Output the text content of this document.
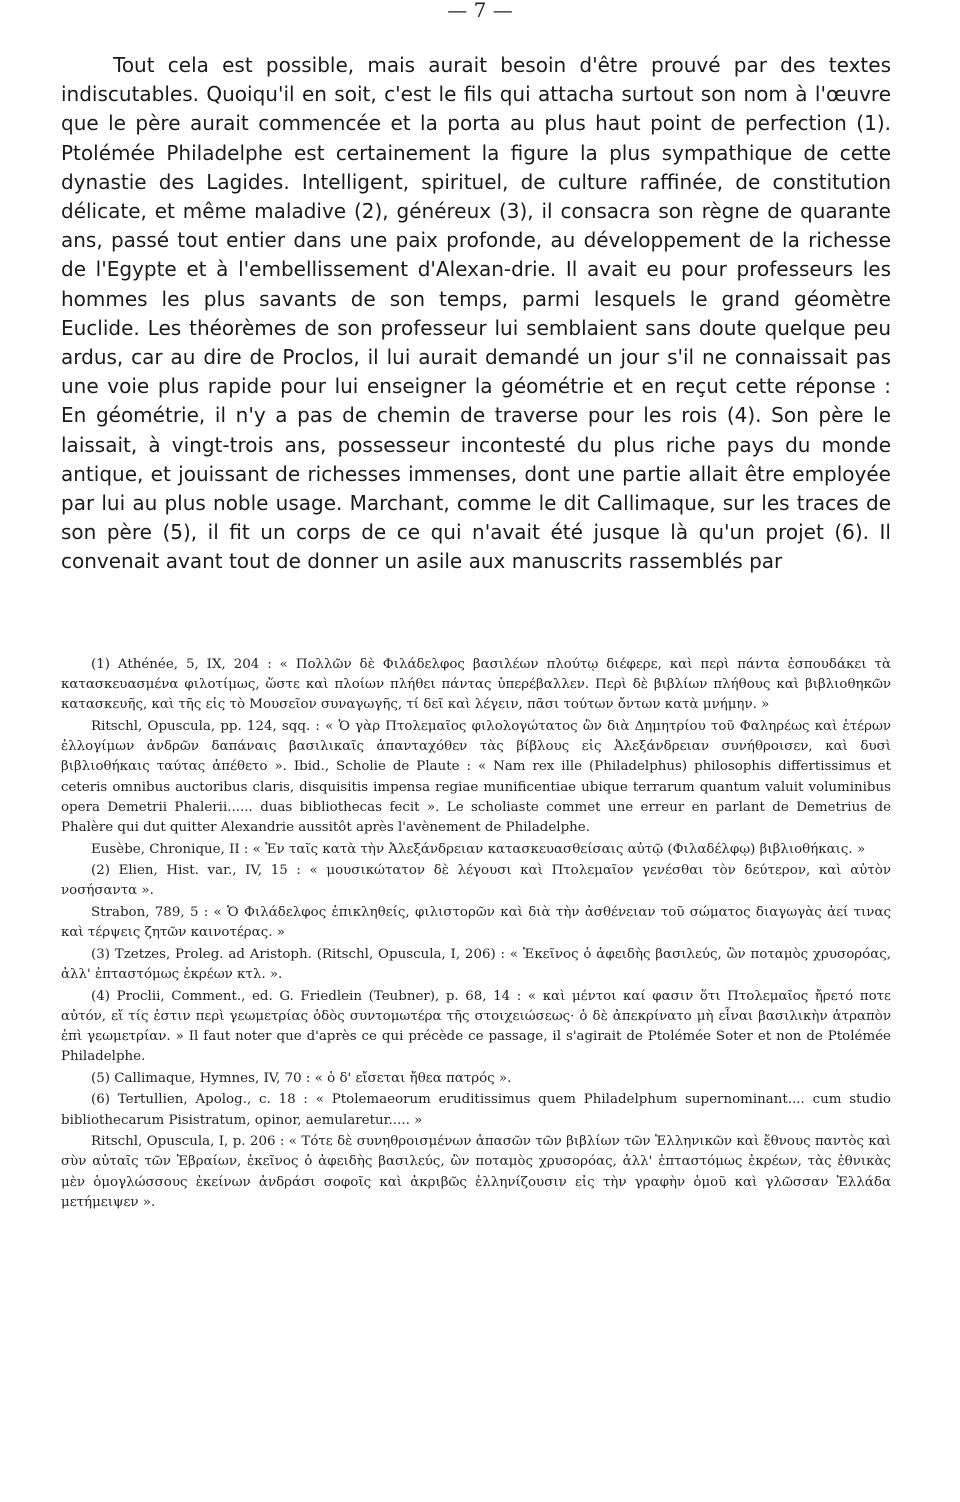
— 7 —

Tout cela est possible, mais aurait besoin d'être prouvé par des textes indiscutables. Quoiqu'il en soit, c'est le fils qui attacha surtout son nom à l'œuvre que le père aurait commencée et la porta au plus haut point de perfection (1). Ptolémée Philadelphe est certainement la figure la plus sympathique de cette dynastie des Lagides. Intelligent, spirituel, de culture raffinée, de constitution délicate, et même maladive (2), généreux (3), il consacra son règne de quarante ans, passé tout entier dans une paix profonde, au développement de la richesse de l'Egypte et à l'embellissement d'Alexan-drie. Il avait eu pour professeurs les hommes les plus savants de son temps, parmi lesquels le grand géomètre Euclide. Les théorèmes de son professeur lui semblaient sans doute quelque peu ardus, car au dire de Proclos, il lui aurait demandé un jour s'il ne connaissait pas une voie plus rapide pour lui enseigner la géométrie et en reçut cette réponse : En géométrie, il n'y a pas de chemin de traverse pour les rois (4). Son père le laissait, à vingt-trois ans, possesseur incontesté du plus riche pays du monde antique, et jouissant de richesses immenses, dont une partie allait être employée par lui au plus noble usage. Marchant, comme le dit Callimaque, sur les traces de son père (5), il fit un corps de ce qui n'avait été jusque là qu'un projet (6). Il convenait avant tout de donner un asile aux manuscrits rassemblés par

(1) Athénée, 5, IX, 204 : « Πολλῶν δὲ Φιλάδελφος βασιλέων πλούτῳ διέφερε, καὶ περὶ πάντα ἐσπουδάκει τὰ κατασκευασμένα φιλοτίμως, ὥστε καὶ πλοίων πλήθει πάντας ὑπερέβαλλεν. Περὶ δὲ βιβλίων πλήθους καὶ βιβλιοθηκῶν κατασκευῆς, καὶ τῆς εἰς τὸ Μουσεῖον συναγωγῆς, τί δεῖ καὶ λέγειν, πᾶσι τούτων ὄντων κατὰ μνήμην. »

Ritschl, Opuscula, pp. 124, sqq. : « Ὁ γὰρ Πτολεμαῖος φιλολογώτατος ὢν διὰ Δημητρίου τοῦ Φαληρέως καὶ ἑτέρων ἐλλογίμων ἀνδρῶν δαπάναις βασιλικαῖς ἁπανταχόθεν τὰς βίβλους εἰς Ἀλεξάνδρειαν συνήθροισεν, καὶ δυσὶ βιβλιοθήκαις ταύτας ἀπέθετο ». Ibid., Scholie de Plaute : « Nam rex ille (Philadelphus) philosophis differtissimus et ceteris omnibus auctoribus claris, disquisitis impensa regiae munificentiae ubique terrarum quantum valuit voluminibus opera Demetrii Phalerii...... duas bibliothecas fecit ». Le scholiaste commet une erreur en parlant de Demetrius de Phalère qui dut quitter Alexandrie aussitôt après l'avènement de Philadelphe.

Eusèbe, Chronique, II : « Ἐν ταῖς κατὰ τὴν Ἀλεξάνδρειαν κατασκευασθείσαις αὐτῷ (Φιλαδέλφῳ) βιβλιοθήκαις. »

(2) Elien, Hist. var., IV, 15 : « μουσικώτατον δὲ λέγουσι καὶ Πτολεμαῖον γενέσθαι τὸν δεύτερον, καὶ αὐτὸν νοσήσαντα ».

Strabon, 789, 5 : « Ὁ Φιλάδελφος ἐπικληθείς, φιλιστορῶν καὶ διὰ τὴν ἀσθένειαν τοῦ σώματος διαγωγὰς ἀεί τινας καὶ τέρψεις ζητῶν καινοτέρας. »

(3) Tzetzes, Proleg. ad Aristoph. (Ritschl, Opuscula, I, 206) : « Ἐκεῖνος ὁ ἀφειδὴς βασιλεύς, ὢν ποταμὸς χρυσορόας, ἀλλ' ἐπταστόμως ἐκρέων κτλ. ».

(4) Proclii, Comment., ed. G. Friedlein (Teubner), p. 68, 14 : « καὶ μέντοι καί φασιν ὅτι Πτολεμαῖος ἤρετό ποτε αὐτόν, εἴ τίς ἐστιν περὶ γεωμετρίας ὁδὸς συντομωτέρα τῆς στοιχειώσεως· ὁ δὲ ἀπεκρίνατο μὴ εἶναι βασιλικὴν ἀτραπὸν ἐπὶ γεωμετρίαν. » Il faut noter que d'après ce qui précède ce passage, il s'agirait de Ptolémée Soter et non de Ptolémée Philadelphe.

(5) Callimaque, Hymnes, IV, 70 : « ὁ δ' εἴσεται ἤθεα πατρός ».

(6) Tertullien, Apolog., c. 18 : « Ptolemaeorum eruditissimus quem Philadelphum supernominant.... cum studio bibliothecarum Pisistratum, opinor, aemularetur..... »

Ritschl, Opuscula, I, p. 206 : « Τότε δὲ συνηθροισμένων ἁπασῶν τῶν βιβλίων τῶν Ἑλληνικῶν καὶ ἔθνους παντὸς καὶ σὺν αὐταῖς τῶν Ἑβραίων, ἐκεῖνος ὁ ἀφειδὴς βασιλεύς, ὢν ποταμὸς χρυσορόας, ἀλλ' ἐπταστόμως ἐκρέων, τὰς ἐθνικὰς μὲν ὁμογλώσσους ἐκείνων ἀνδράσι σοφοῖς καὶ ἀκριβῶς ἑλληνίζουσιν εἰς τὴν γραφὴν ὁμοῦ καὶ γλῶσσαν Ἑλλάδα μετήμειψεν ».
